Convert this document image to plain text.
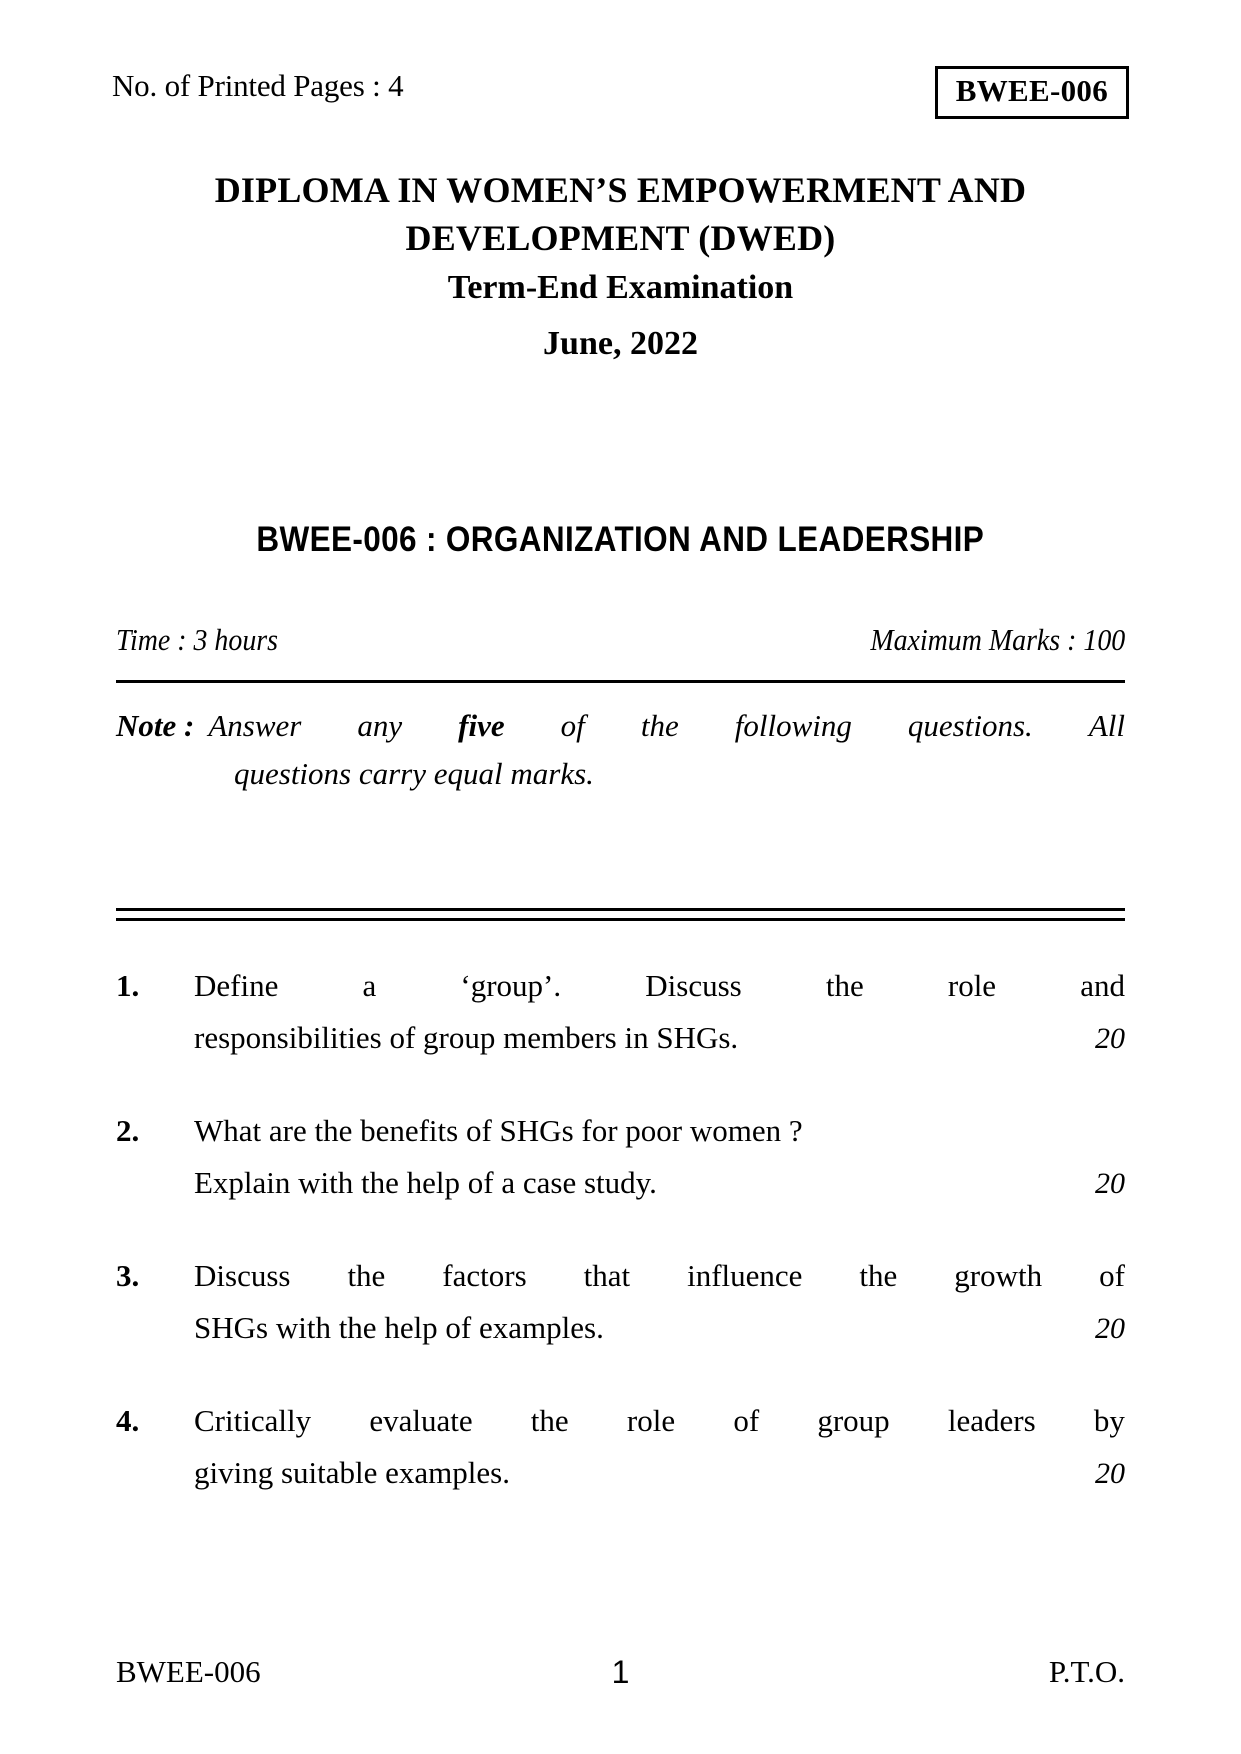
No. of Printed Pages : 4	BWEE-006
DIPLOMA IN WOMEN’S EMPOWERMENT AND
DEVELOPMENT (DWED)
Term-End Examination
June, 2022
BWEE-006 : ORGANIZATION AND LEADERSHIP
Time : 3 hours	Maximum Marks : 100
Note : Answer any five of the following questions. All
questions carry equal marks.
1.	Define	a	‘group’.	Discuss	the	role	and
responsibilities of group members in SHGs.	20
2.	What are the benefits of SHGs for poor women ?
Explain with the help of a case study.	20
3.	Discuss the factors that influence the growth of
SHGs with the help of examples.	20
4.	Critically evaluate the role of group leaders by
giving suitable examples.	20
BWEE-006	1	P.T.O.
